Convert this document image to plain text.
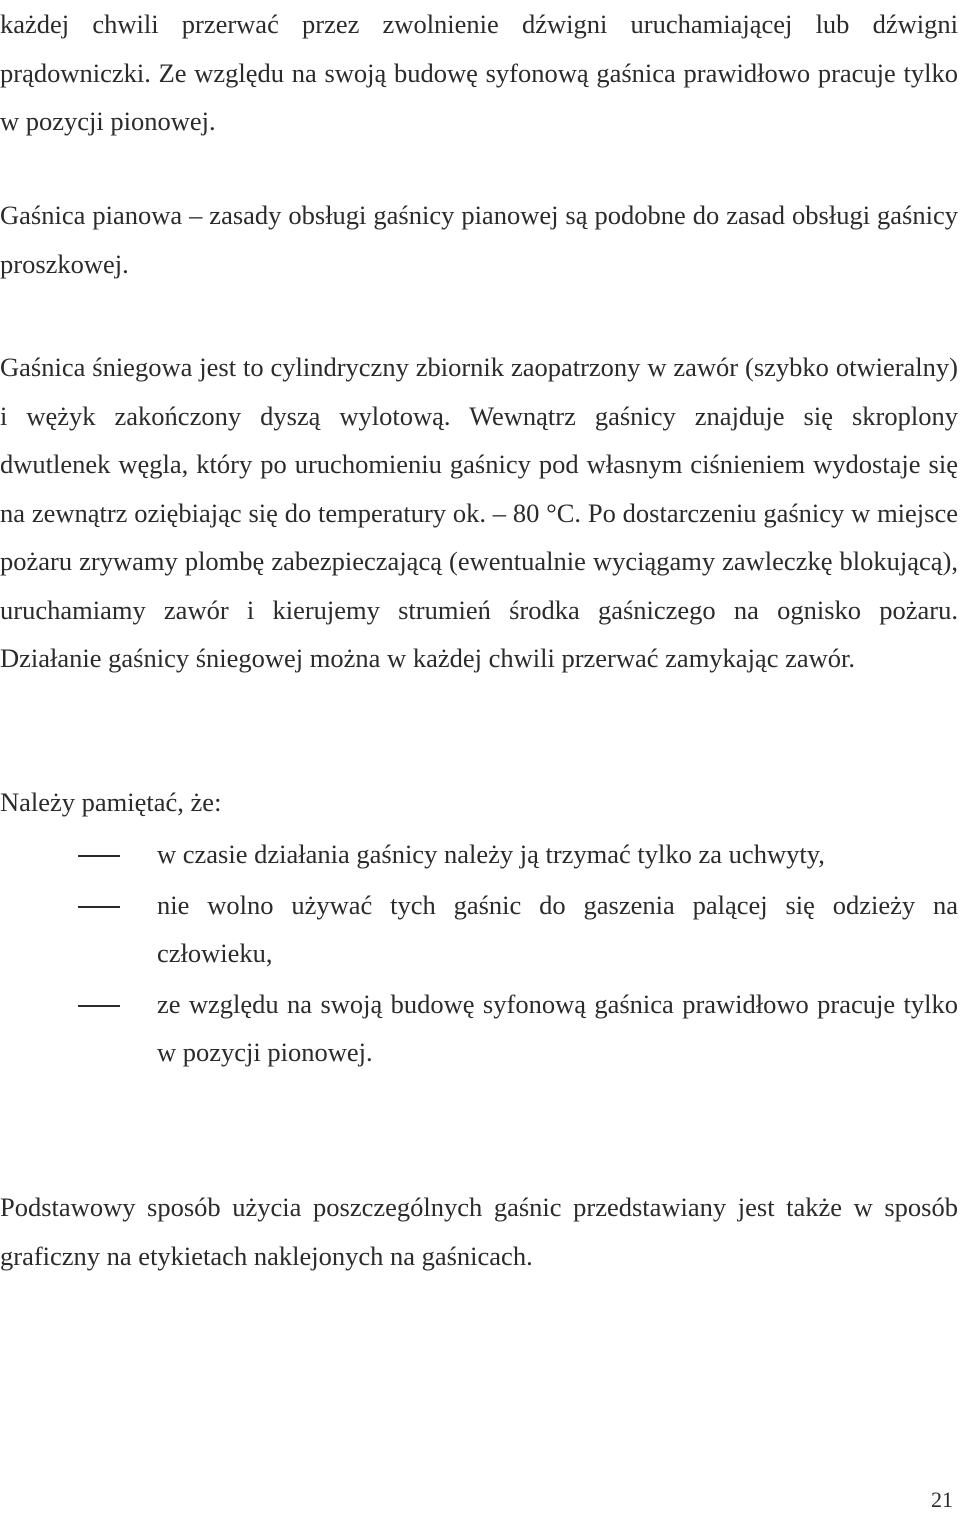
każdej chwili przerwać przez zwolnienie dźwigni uruchamiającej lub dźwigni prądowniczki. Ze względu na swoją budowę syfonową gaśnica prawidłowo pracuje tylko w pozycji pionowej.

Gaśnica pianowa – zasady obsługi gaśnicy pianowej są podobne do zasad obsługi gaśnicy proszkowej.

Gaśnica śniegowa jest to cylindryczny zbiornik zaopatrzony w zawór (szybko otwieralny) i wężyk zakończony dyszą wylotową. Wewnątrz gaśnicy znajduje się skroplony dwutlenek węgla, który po uruchomieniu gaśnicy pod własnym ciśnieniem wydostaje się na zewnątrz oziębiając się do temperatury ok. – 80 °C. Po dostarczeniu gaśnicy w miejsce pożaru zrywamy plombę zabezpieczającą (ewentualnie wyciągamy zawleczkę blokującą), uruchamiamy zawór i kierujemy strumień środka gaśniczego na ognisko pożaru. Działanie gaśnicy śniegowej można w każdej chwili przerwać zamykając zawór.

Należy pamiętać, że:

w czasie działania gaśnicy należy ją trzymać tylko za uchwyty,
nie wolno używać tych gaśnic do gaszenia palącej się odzieży na człowieku,
ze względu na swoją budowę syfonową gaśnica prawidłowo pracuje tylko w pozycji pionowej.

Podstawowy sposób użycia poszczególnych gaśnic przedstawiany jest także w sposób graficzny na etykietach naklejonych na gaśnicach.

21
